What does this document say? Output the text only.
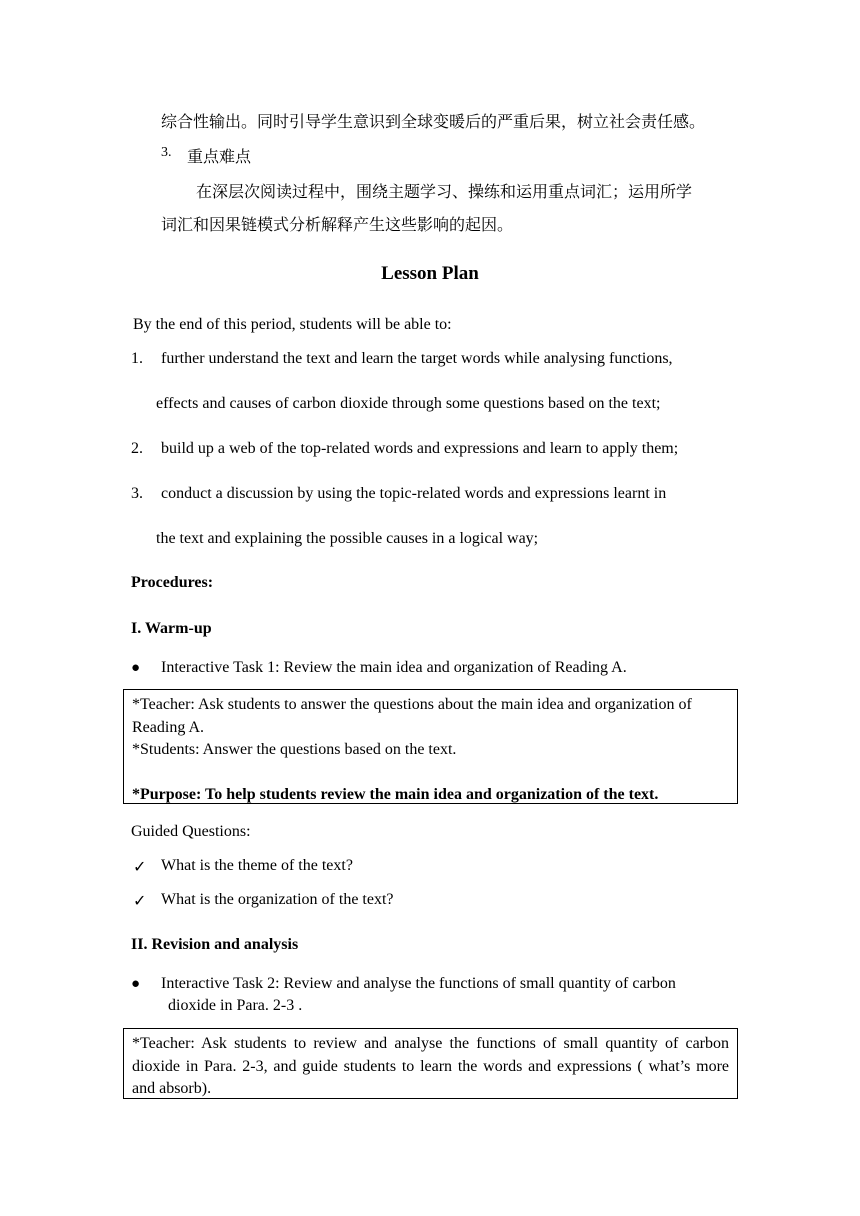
综合性输出。同时引导学生意识到全球变暖后的严重后果，树立社会责任感。
3. 重点难点
在深层次阅读过程中，围绕主题学习、操练和运用重点词汇；运用所学
词汇和因果链模式分析解释产生这些影响的起因。
Lesson Plan
By the end of this period, students will be able to:
1. further understand the text and learn the target words while analysing functions,
effects and causes of carbon dioxide through some questions based on the text;
2. build up a web of the top-related words and expressions and learn to apply them;
3. conduct a discussion by using the topic-related words and expressions learnt in
the text and explaining the possible causes in a logical way;
Procedures:
I. Warm-up
● Interactive Task 1: Review the main idea and organization of Reading A.
*Teacher: Ask students to answer the questions about the main idea and organization of Reading A.
*Students: Answer the questions based on the text.
*Purpose: To help students review the main idea and organization of the text.
Guided Questions:
✓ What is the theme of the text?
✓ What is the organization of the text?
II. Revision and analysis
● Interactive Task 2: Review and analyse the functions of small quantity of carbon
dioxide in Para. 2-3 .
*Teacher: Ask students to review and analyse the functions of small quantity of carbon dioxide in Para. 2-3, and guide students to learn the words and expressions ( what’s more and absorb).
